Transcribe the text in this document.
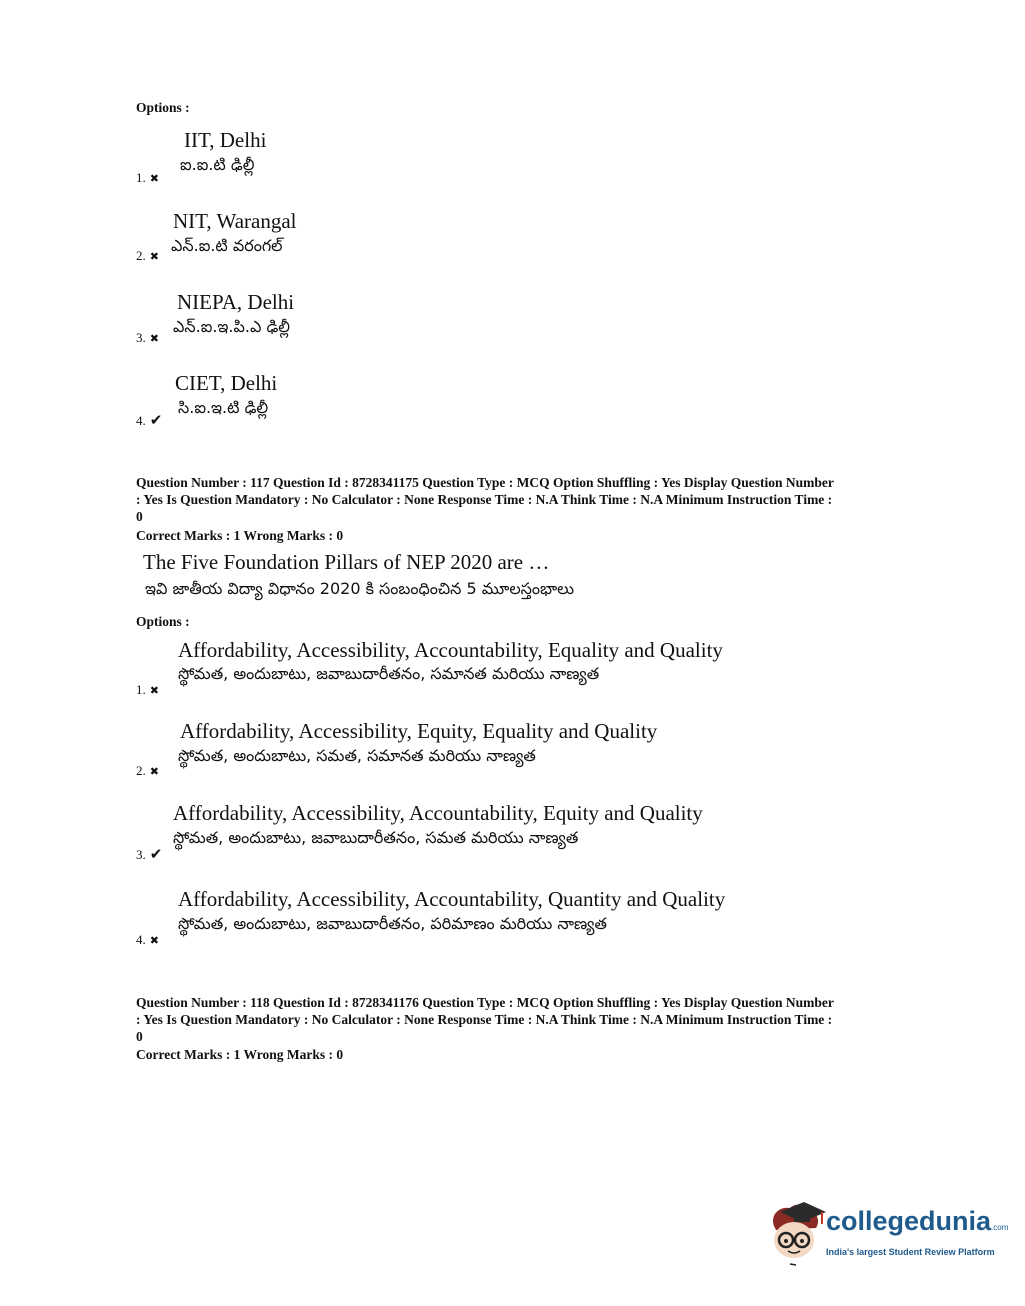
Options :
IIT, Delhi
ఐ.ఐ.టి ఢిల్లీ
1. ✖
NIT, Warangal
ఎన్.ఐ.టి వరంగల్
2. ✖
NIEPA, Delhi
ఎన్.ఐ.ఇ.పి.ఎ ఢిల్లీ
3. ✖
CIET, Delhi
సి.ఐ.ఇ.టి ఢిల్లీ
4. ✔
Question Number : 117 Question Id : 8728341175 Question Type : MCQ Option Shuffling : Yes Display Question Number
: Yes Is Question Mandatory : No Calculator : None Response Time : N.A Think Time : N.A Minimum Instruction Time :
0
Correct Marks : 1 Wrong Marks : 0
The Five Foundation Pillars of NEP 2020 are …
ఇవి జాతీయ విద్యా విధానం 2020 కి సంబంధించిన 5 మూలస్తంభాలు
Options :
Affordability, Accessibility, Accountability, Equality and Quality
స్థోమత, అందుబాటు, జవాబుదారీతనం, సమానత మరియు నాణ్యత
1. ✖
Affordability, Accessibility, Equity, Equality and Quality
స్థోమత, అందుబాటు, సమత, సమానత మరియు నాణ్యత
2. ✖
Affordability, Accessibility, Accountability, Equity and Quality
స్థోమత, అందుబాటు, జవాబుదారీతనం, సమత మరియు నాణ్యత
3. ✔
Affordability, Accessibility, Accountability, Quantity and Quality
స్థోమత, అందుబాటు, జవాబుదారీతనం, పరిమాణం మరియు నాణ్యత
4. ✖
Question Number : 118 Question Id : 8728341176 Question Type : MCQ Option Shuffling : Yes Display Question Number
: Yes Is Question Mandatory : No Calculator : None Response Time : N.A Think Time : N.A Minimum Instruction Time :
0
Correct Marks : 1 Wrong Marks : 0
collegedunia.com
India's largest Student Review Platform
